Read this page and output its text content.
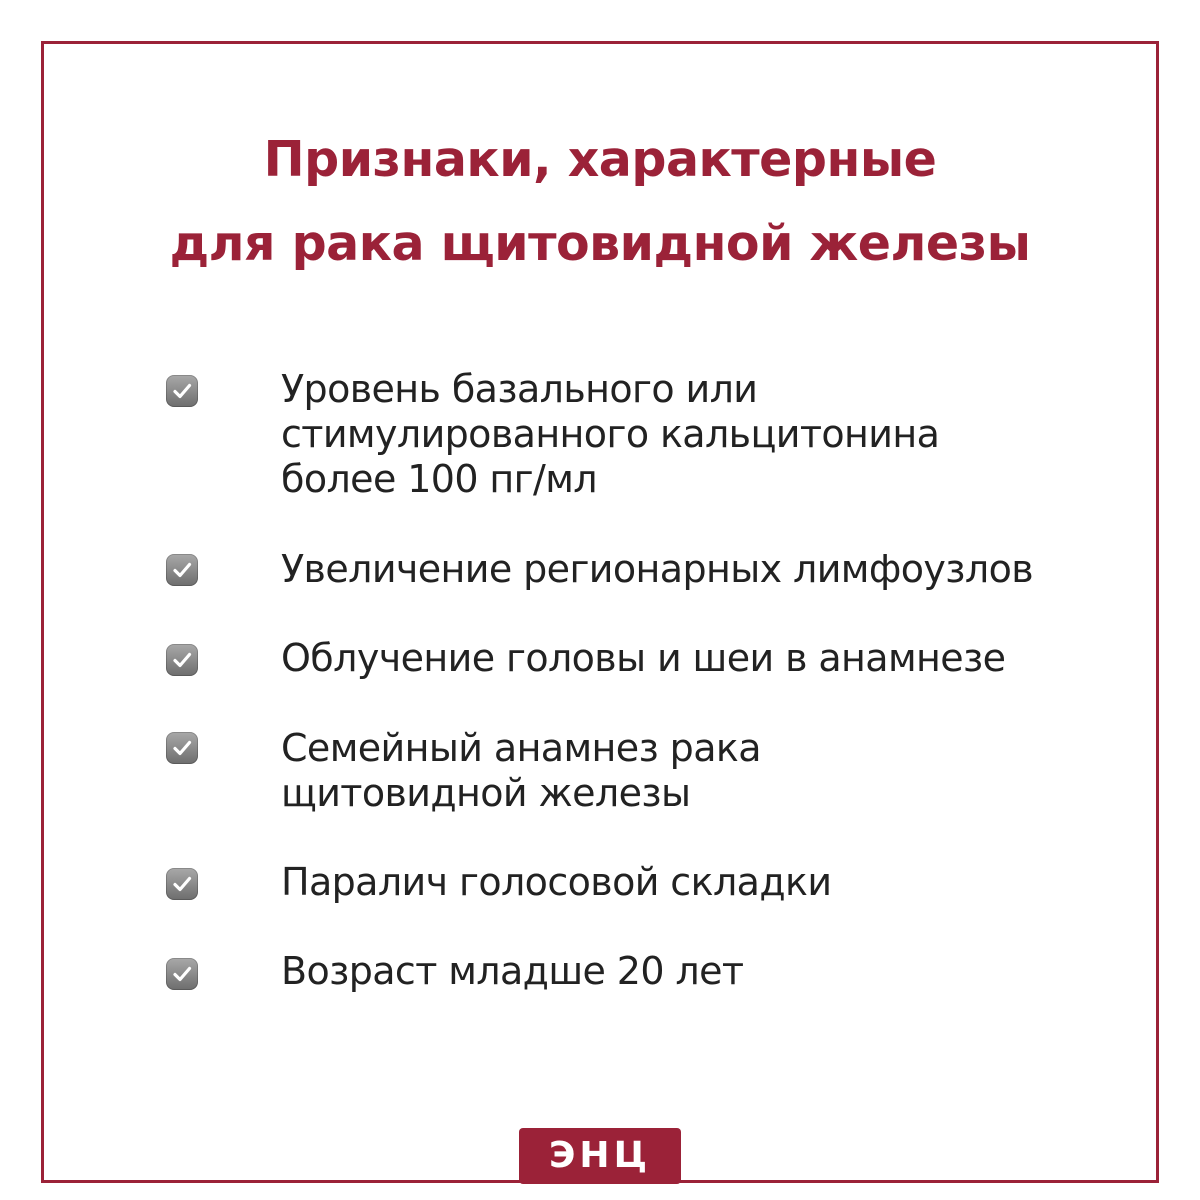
Признаки, характерные
для рака щитовидной железы
Уровень базального или
стимулированного кальцитонина
более 100 пг/мл
Увеличение регионарных лимфоузлов
Облучение головы и шеи в анамнезе
Семейный анамнез рака
щитовидной железы
Паралич голосовой складки
Возраст младше 20 лет
ЭНЦ
